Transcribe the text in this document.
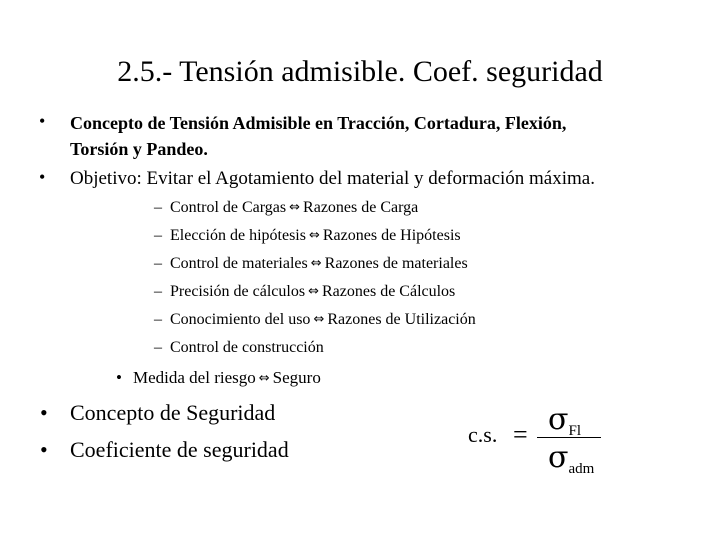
2.5.- Tensión admisible. Coef. seguridad
• Concepto de Tensión Admisible en Tracción, Cortadura, Flexión,
Torsión y Pandeo.
• Objetivo: Evitar el Agotamiento del material y deformación máxima.
– Control de Cargas ⇔ Razones de Carga
– Elección de hipótesis ⇔ Razones de Hipótesis
– Control de materiales ⇔ Razones de materiales
– Precisión de cálculos ⇔ Razones de Cálculos
– Conocimiento del uso ⇔ Razones de Utilización
– Control de construcción
• Medida del riesgo ⇔ Seguro
• Concepto de Seguridad
• Coeficiente de seguridad
c.s. = σFl
σadm
